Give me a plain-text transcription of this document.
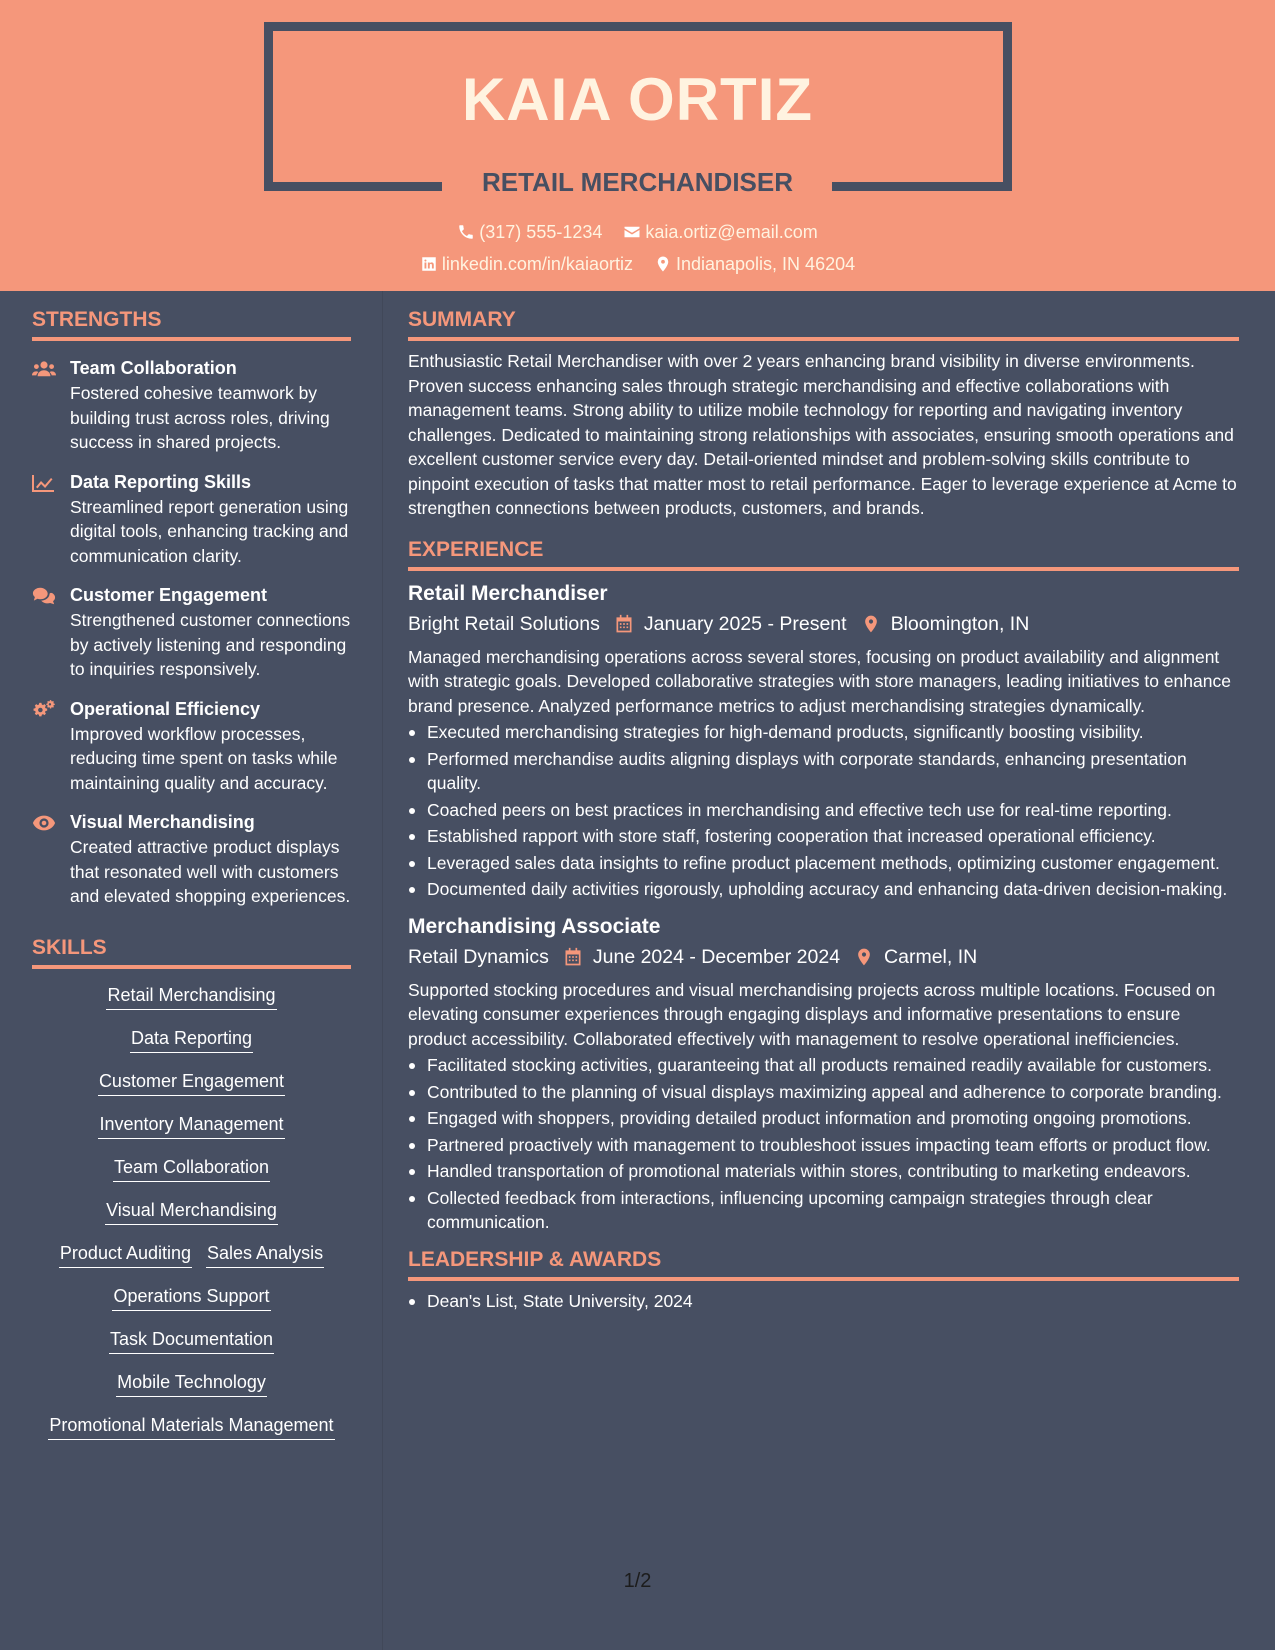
KAIA ORTIZ
RETAIL MERCHANDISER
(317) 555-1234
kaia.ortiz@email.com
linkedin.com/in/kaiaortiz
Indianapolis, IN 46204
STRENGTHS
Team Collaboration
Fostered cohesive teamwork by building trust across roles, driving success in shared projects.
Data Reporting Skills
Streamlined report generation using digital tools, enhancing tracking and communication clarity.
Customer Engagement
Strengthened customer connections by actively listening and responding to inquiries responsively.
Operational Efficiency
Improved workflow processes, reducing time spent on tasks while maintaining quality and accuracy.
Visual Merchandising
Created attractive product displays that resonated well with customers and elevated shopping experiences.
SKILLS
Retail Merchandising
Data Reporting
Customer Engagement
Inventory Management
Team Collaboration
Visual Merchandising
Product Auditing Sales Analysis
Operations Support
Task Documentation
Mobile Technology
Promotional Materials Management
SUMMARY
Enthusiastic Retail Merchandiser with over 2 years enhancing brand visibility in diverse environments. Proven success enhancing sales through strategic merchandising and effective collaborations with management teams. Strong ability to utilize mobile technology for reporting and navigating inventory challenges. Dedicated to maintaining strong relationships with associates, ensuring smooth operations and excellent customer service every day. Detail-oriented mindset and problem-solving skills contribute to pinpoint execution of tasks that matter most to retail performance. Eager to leverage experience at Acme to strengthen connections between products, customers, and brands.
EXPERIENCE
Retail Merchandiser
Bright Retail Solutions January 2025 - Present Bloomington, IN
Managed merchandising operations across several stores, focusing on product availability and alignment with strategic goals. Developed collaborative strategies with store managers, leading initiatives to enhance brand presence. Analyzed performance metrics to adjust merchandising strategies dynamically.
Executed merchandising strategies for high-demand products, significantly boosting visibility.
Performed merchandise audits aligning displays with corporate standards, enhancing presentation quality.
Coached peers on best practices in merchandising and effective tech use for real-time reporting.
Established rapport with store staff, fostering cooperation that increased operational efficiency.
Leveraged sales data insights to refine product placement methods, optimizing customer engagement.
Documented daily activities rigorously, upholding accuracy and enhancing data-driven decision-making.
Merchandising Associate
Retail Dynamics June 2024 - December 2024 Carmel, IN
Supported stocking procedures and visual merchandising projects across multiple locations. Focused on elevating consumer experiences through engaging displays and informative presentations to ensure product accessibility. Collaborated effectively with management to resolve operational inefficiencies.
Facilitated stocking activities, guaranteeing that all products remained readily available for customers.
Contributed to the planning of visual displays maximizing appeal and adherence to corporate branding.
Engaged with shoppers, providing detailed product information and promoting ongoing promotions.
Partnered proactively with management to troubleshoot issues impacting team efforts or product flow.
Handled transportation of promotional materials within stores, contributing to marketing endeavors.
Collected feedback from interactions, influencing upcoming campaign strategies through clear communication.
LEADERSHIP & AWARDS
Dean's List, State University, 2024
1/2
